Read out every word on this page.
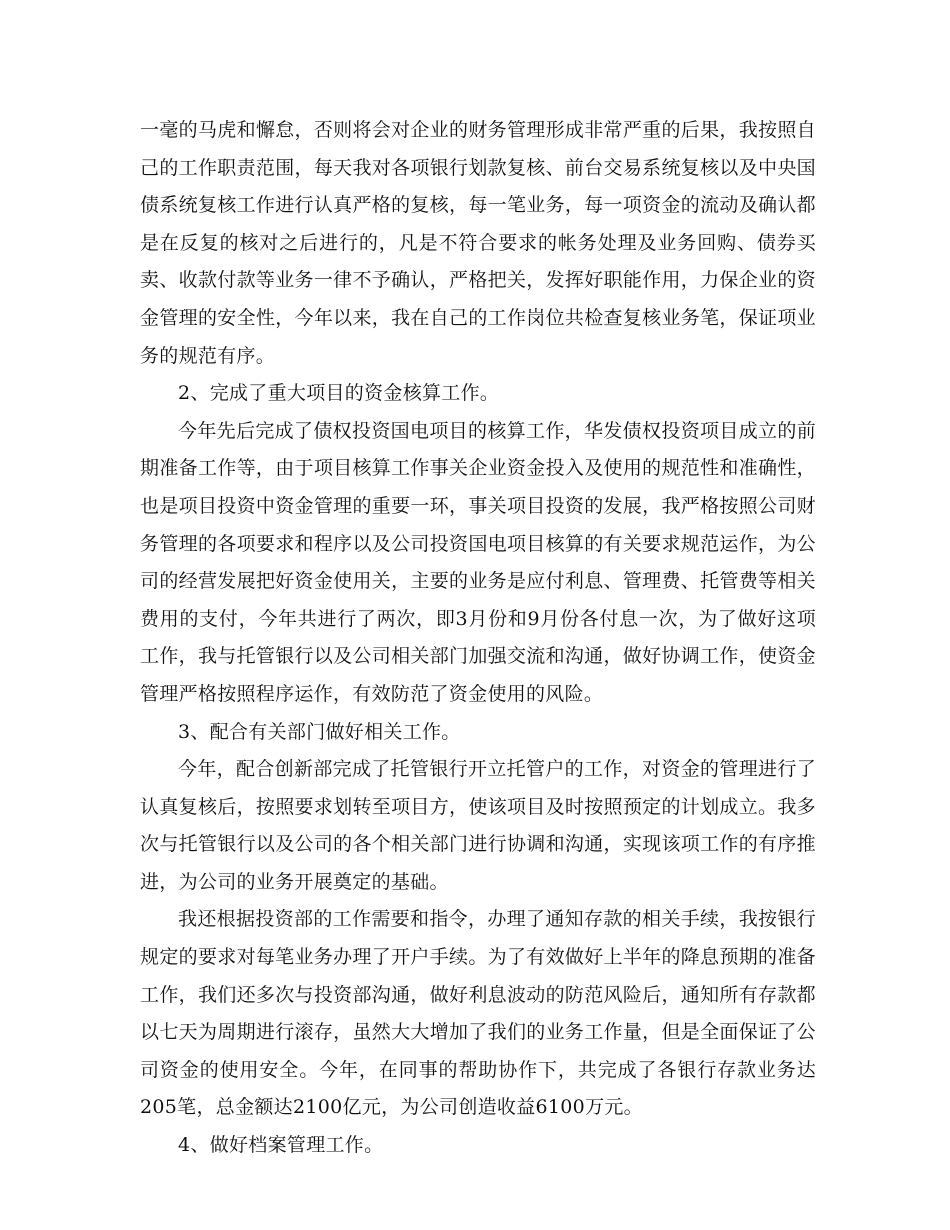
一毫的马虎和懈怠，否则将会对企业的财务管理形成非常严重的后果，我按照自己的工作职责范围，每天我对各项银行划款复核、前台交易系统复核以及中央国债系统复核工作进行认真严格的复核，每一笔业务，每一项资金的流动及确认都是在反复的核对之后进行的，凡是不符合要求的帐务处理及业务回购、债券买卖、收款付款等业务一律不予确认，严格把关，发挥好职能作用，力保企业的资金管理的安全性，今年以来，我在自己的工作岗位共检查复核业务笔，保证项业务的规范有序。

2、完成了重大项目的资金核算工作。

今年先后完成了债权投资国电项目的核算工作，华发债权投资项目成立的前期准备工作等，由于项目核算工作事关企业资金投入及使用的规范性和准确性，也是项目投资中资金管理的重要一环，事关项目投资的发展，我严格按照公司财务管理的各项要求和程序以及公司投资国电项目核算的有关要求规范运作，为公司的经营发展把好资金使用关，主要的业务是应付利息、管理费、托管费等相关费用的支付，今年共进行了两次，即3月份和9月份各付息一次，为了做好这项工作，我与托管银行以及公司相关部门加强交流和沟通，做好协调工作，使资金管理严格按照程序运作，有效防范了资金使用的风险。

3、配合有关部门做好相关工作。

今年，配合创新部完成了托管银行开立托管户的工作，对资金的管理进行了认真复核后，按照要求划转至项目方，使该项目及时按照预定的计划成立。我多次与托管银行以及公司的各个相关部门进行协调和沟通，实现该项工作的有序推进，为公司的业务开展奠定的基础。

我还根据投资部的工作需要和指令，办理了通知存款的相关手续，我按银行规定的要求对每笔业务办理了开户手续。为了有效做好上半年的降息预期的准备工作，我们还多次与投资部沟通，做好利息波动的防范风险后，通知所有存款都以七天为周期进行滚存，虽然大大增加了我们的业务工作量，但是全面保证了公司资金的使用安全。今年，在同事的帮助协作下，共完成了各银行存款业务达205笔，总金额达2100亿元，为公司创造收益6100万元。

4、做好档案管理工作。
